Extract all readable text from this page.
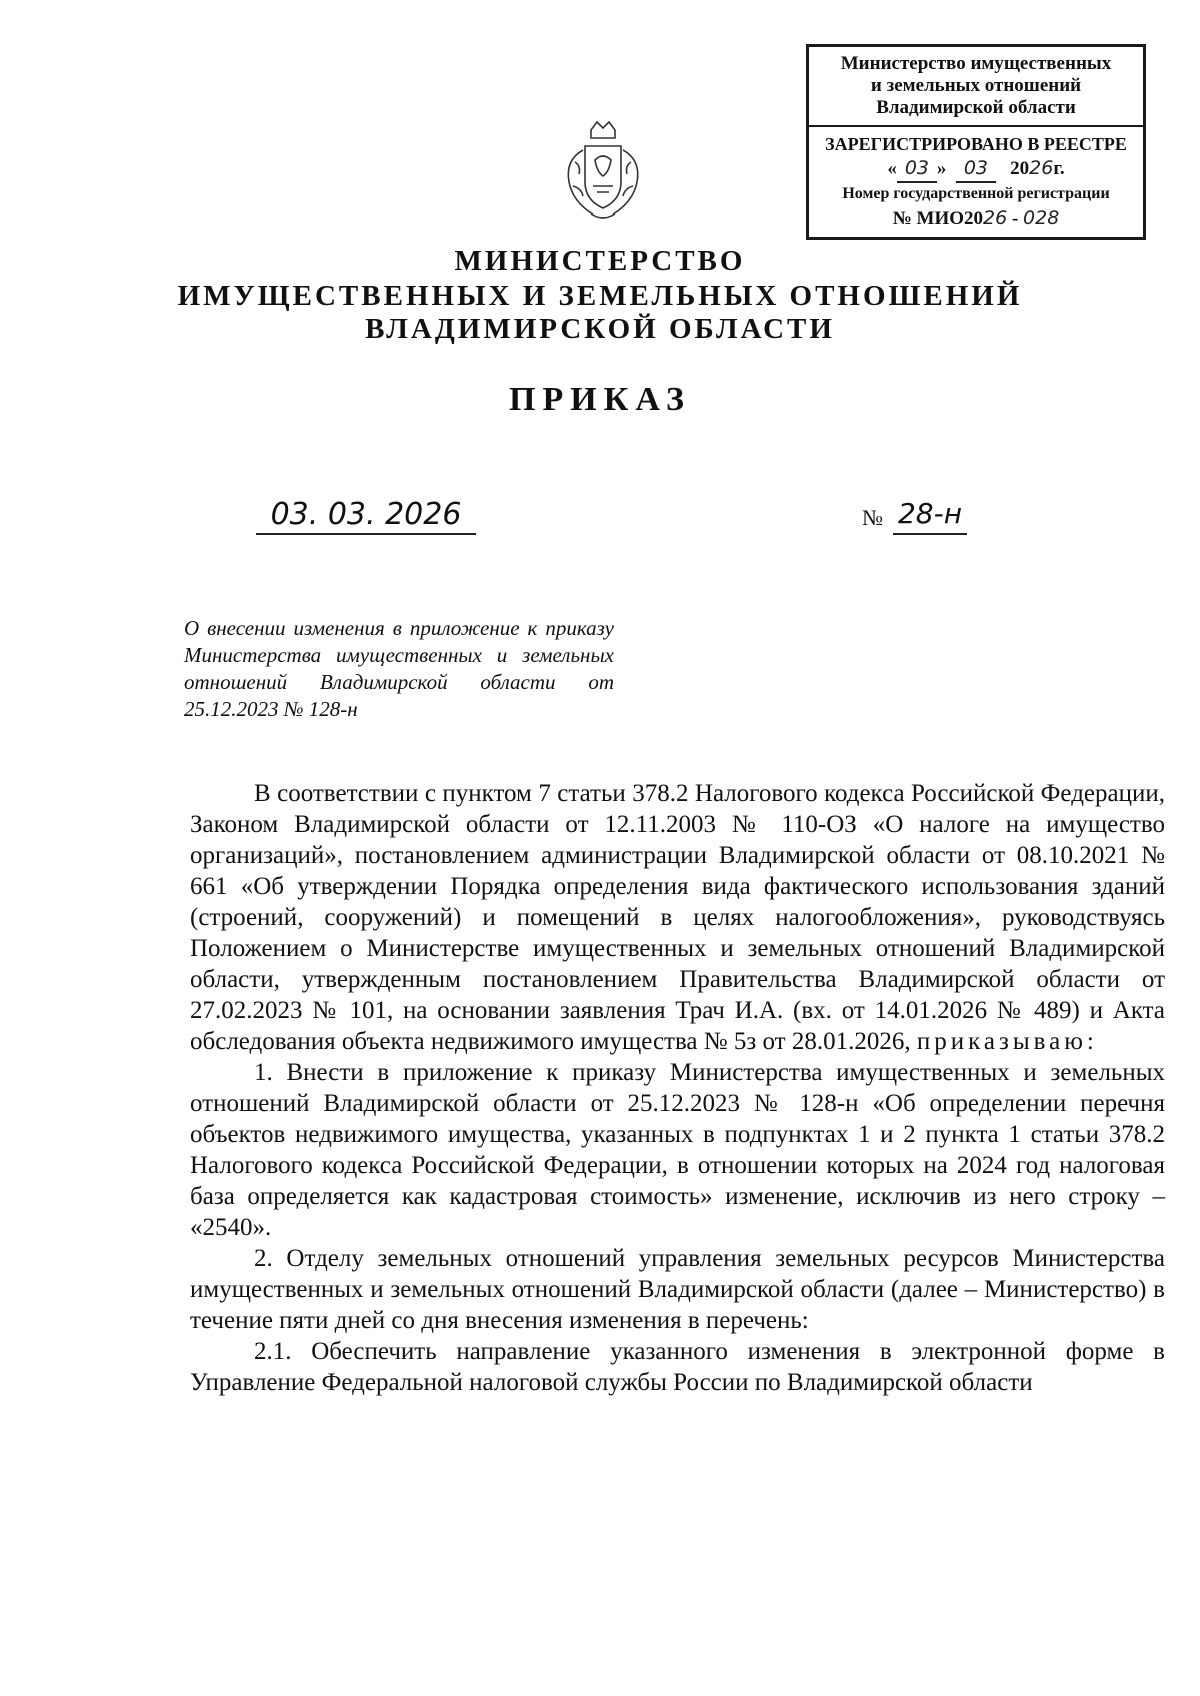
Министерство имущественных
и земельных отношений
Владимирской области
ЗАРЕГИСТРИРОВАНО В РЕЕСТРЕ
« 03 » 03 2026г.
Номер государственной регистрации
№ МИО2026 - 028
МИНИСТЕРСТВО
ИМУЩЕСТВЕННЫХ И ЗЕМЕЛЬНЫХ ОТНОШЕНИЙ
ВЛАДИМИРСКОЙ ОБЛАСТИ
ПРИКАЗ
03. 03. 2026	№ 28-н
О внесении изменения в приложение к приказу Министерства имущественных и земельных отношений Владимирской области от 25.12.2023 № 128-н

В соответствии с пунктом 7 статьи 378.2 Налогового кодекса Российской Федерации, Законом Владимирской области от 12.11.2003 № 110-ОЗ «О налоге на имущество организаций», постановлением администрации Владимирской области от 08.10.2021 № 661 «Об утверждении Порядка определения вида фактического использования зданий (строений, сооружений) и помещений в целях налогообложения», руководствуясь Положением о Министерстве имущественных и земельных отношений Владимирской области, утвержденным постановлением Правительства Владимирской области от 27.02.2023 № 101, на основании заявления Трач И.А. (вх. от 14.01.2026 № 489) и Акта обследования объекта недвижимого имущества № 5з от 28.01.2026, приказываю:

1. Внести в приложение к приказу Министерства имущественных и земельных отношений Владимирской области от 25.12.2023 № 128-н «Об определении перечня объектов недвижимого имущества, указанных в подпунктах 1 и 2 пункта 1 статьи 378.2 Налогового кодекса Российской Федерации, в отношении которых на 2024 год налоговая база определяется как кадастровая стоимость» изменение, исключив из него строку – «2540».

2. Отделу земельных отношений управления земельных ресурсов Министерства имущественных и земельных отношений Владимирской области (далее – Министерство) в течение пяти дней со дня внесения изменения в перечень:

2.1. Обеспечить направление указанного изменения в электронной форме в Управление Федеральной налоговой службы России по Владимирской области
